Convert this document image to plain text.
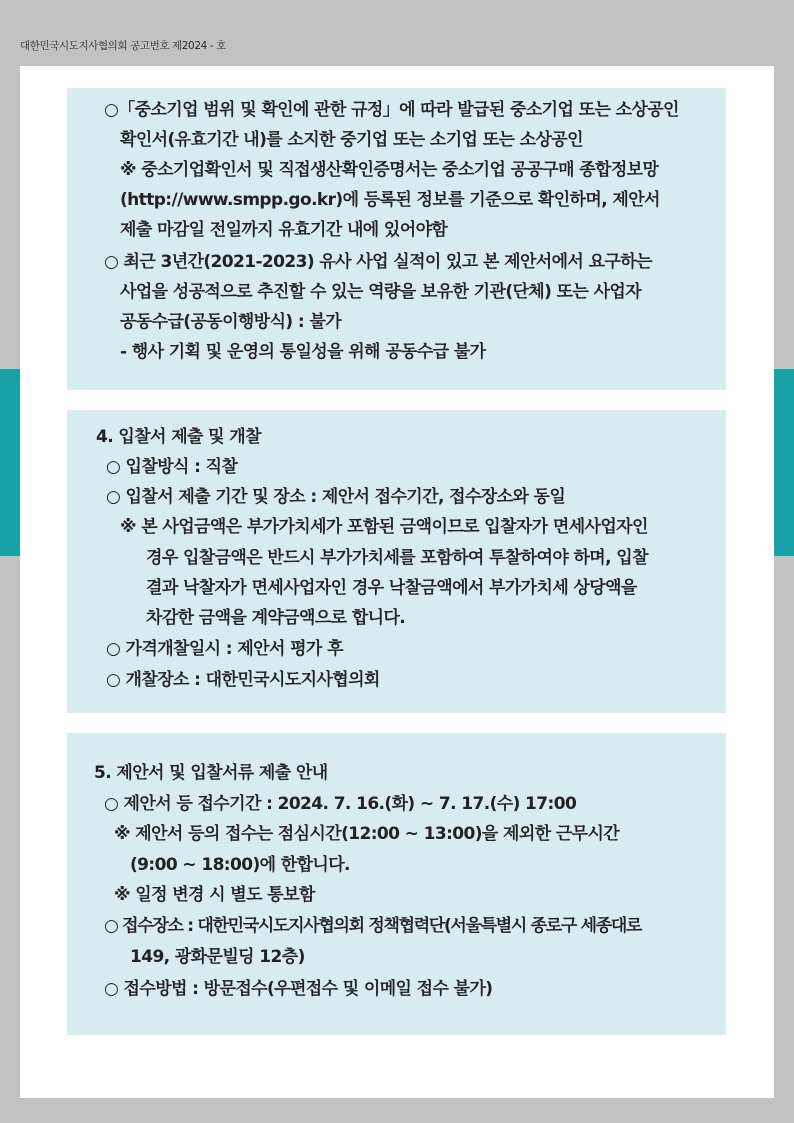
대한민국시도지사협의회 공고번호 제2024 - 호
○「중소기업 범위 및 확인에 관한 규정」에 따라 발급된 중소기업 또는 소상공인
확인서(유효기간 내)를 소지한 중기업 또는 소기업 또는 소상공인
※ 중소기업확인서 및 직접생산확인증명서는 중소기업 공공구매 종합정보망
(http://www.smpp.go.kr)에 등록된 정보를 기준으로 확인하며, 제안서
제출 마감일 전일까지 유효기간 내에 있어야함
○ 최근 3년간(2021-2023) 유사 사업 실적이 있고 본 제안서에서 요구하는
사업을 성공적으로 추진할 수 있는 역량을 보유한 기관(단체) 또는 사업자
공동수급(공동이행방식) : 불가
- 행사 기획 및 운영의 통일성을 위해 공동수급 불가
4. 입찰서 제출 및 개찰
○ 입찰방식 : 직찰
○ 입찰서 제출 기간 및 장소 : 제안서 접수기간, 접수장소와 동일
※ 본 사업금액은 부가가치세가 포함된 금액이므로 입찰자가 면세사업자인
경우 입찰금액은 반드시 부가가치세를 포함하여 투찰하여야 하며, 입찰
결과 낙찰자가 면세사업자인 경우 낙찰금액에서 부가가치세 상당액을
차감한 금액을 계약금액으로 합니다.
○ 가격개찰일시 : 제안서 평가 후
○ 개찰장소 : 대한민국시도지사협의회
5. 제안서 및 입찰서류 제출 안내
○ 제안서 등 접수기간 : 2024. 7. 16.(화) ~ 7. 17.(수) 17:00
※ 제안서 등의 접수는 점심시간(12:00 ~ 13:00)을 제외한 근무시간
(9:00 ~ 18:00)에 한합니다.
※ 일정 변경 시 별도 통보함
○ 접수장소 : 대한민국시도지사협의회 정책협력단(서울특별시 종로구 세종대로
149, 광화문빌딩 12층)
○ 접수방법 : 방문접수(우편접수 및 이메일 접수 불가)
